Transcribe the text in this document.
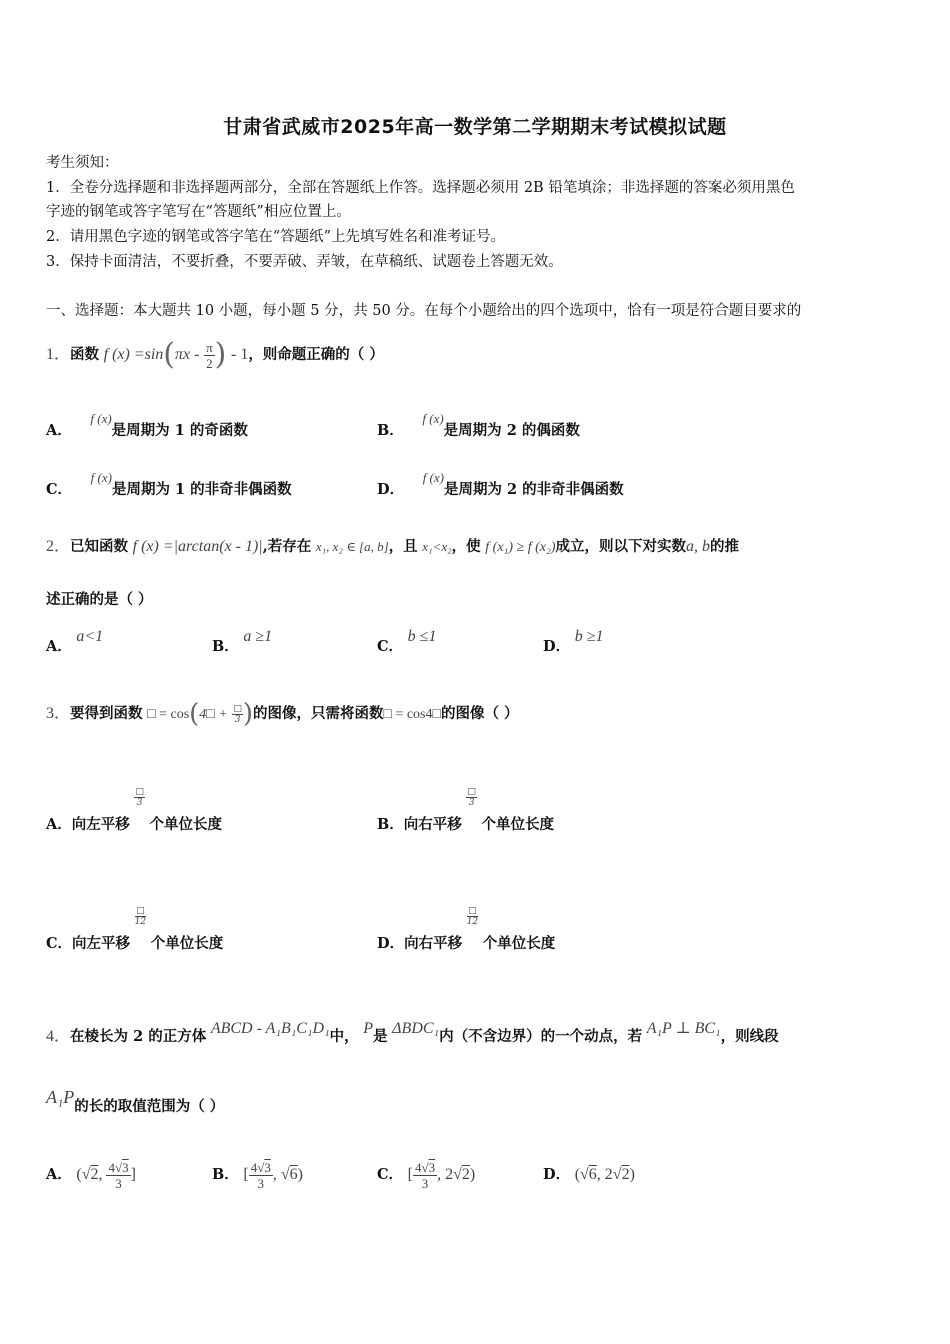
甘肃省武威市2025年高一数学第二学期期末考试模拟试题
考生须知：
1．全卷分选择题和非选择题两部分，全部在答题纸上作答。选择题必须用 2B 铅笔填涂；非选择题的答案必须用黑色
字迹的钢笔或答字笔写在“答题纸”相应位置上。
2．请用黑色字迹的钢笔或答字笔在“答题纸”上先填写姓名和准考证号。
3．保持卡面清洁，不要折叠，不要弄破、弄皱，在草稿纸、试题卷上答题无效。
一、选择题：本大题共 10 小题，每小题 5 分，共 50 分。在每个小题给出的四个选项中，恰有一项是符合题目要求的
1．函数 f $(x) =\sin(\pi x - \frac{\pi}{2}$ ) - 1，则命题正确的（ ）
A． f (x)是周期为 1 的奇函数	B． f (x)是周期为 2 的偶函数
C． f (x)是周期为 1 的非奇非偶函数	D． f (x)是周期为 2 的非奇非偶函数
2．已知函数 f (x) =|arctan(x - 1)|,若存在 x₁, x₂ ∈ [a, b]，且 x₁<x₂，使 f (x₁) ≥ f (x₂)成立，则以下对实数a, b的推
述正确的是（ ）
A． a<1
B． a ≥1
C． b ≤1
D． b ≥1
3．要得到函数 □ = cos(4□ + □
3 )的图像，只需将函数□ = cos4□的图像（ ）
A．向左平移
□
3
个单位长度	B．向右平移
□
3
个单位长度
C．向左平移
□
12
个单位长度	D．向右平移
□
12
个单位长度
4．在棱长为 2 的正方体 ABCD - A₁B₁C₁D₁中， P是 ΔBDC₁内（不含边界）的一个动点，若 A₁P ⊥ BC₁，则线段
A₁P的长的取值范围为（ ）
A． (√2, $\frac{4√3}{3}$ ]	B． [ $\frac{4√3}{3}$ , √6)	C． [ $\frac{4√3}{3}$ , 2√2)	D． (√6, 2√2)
